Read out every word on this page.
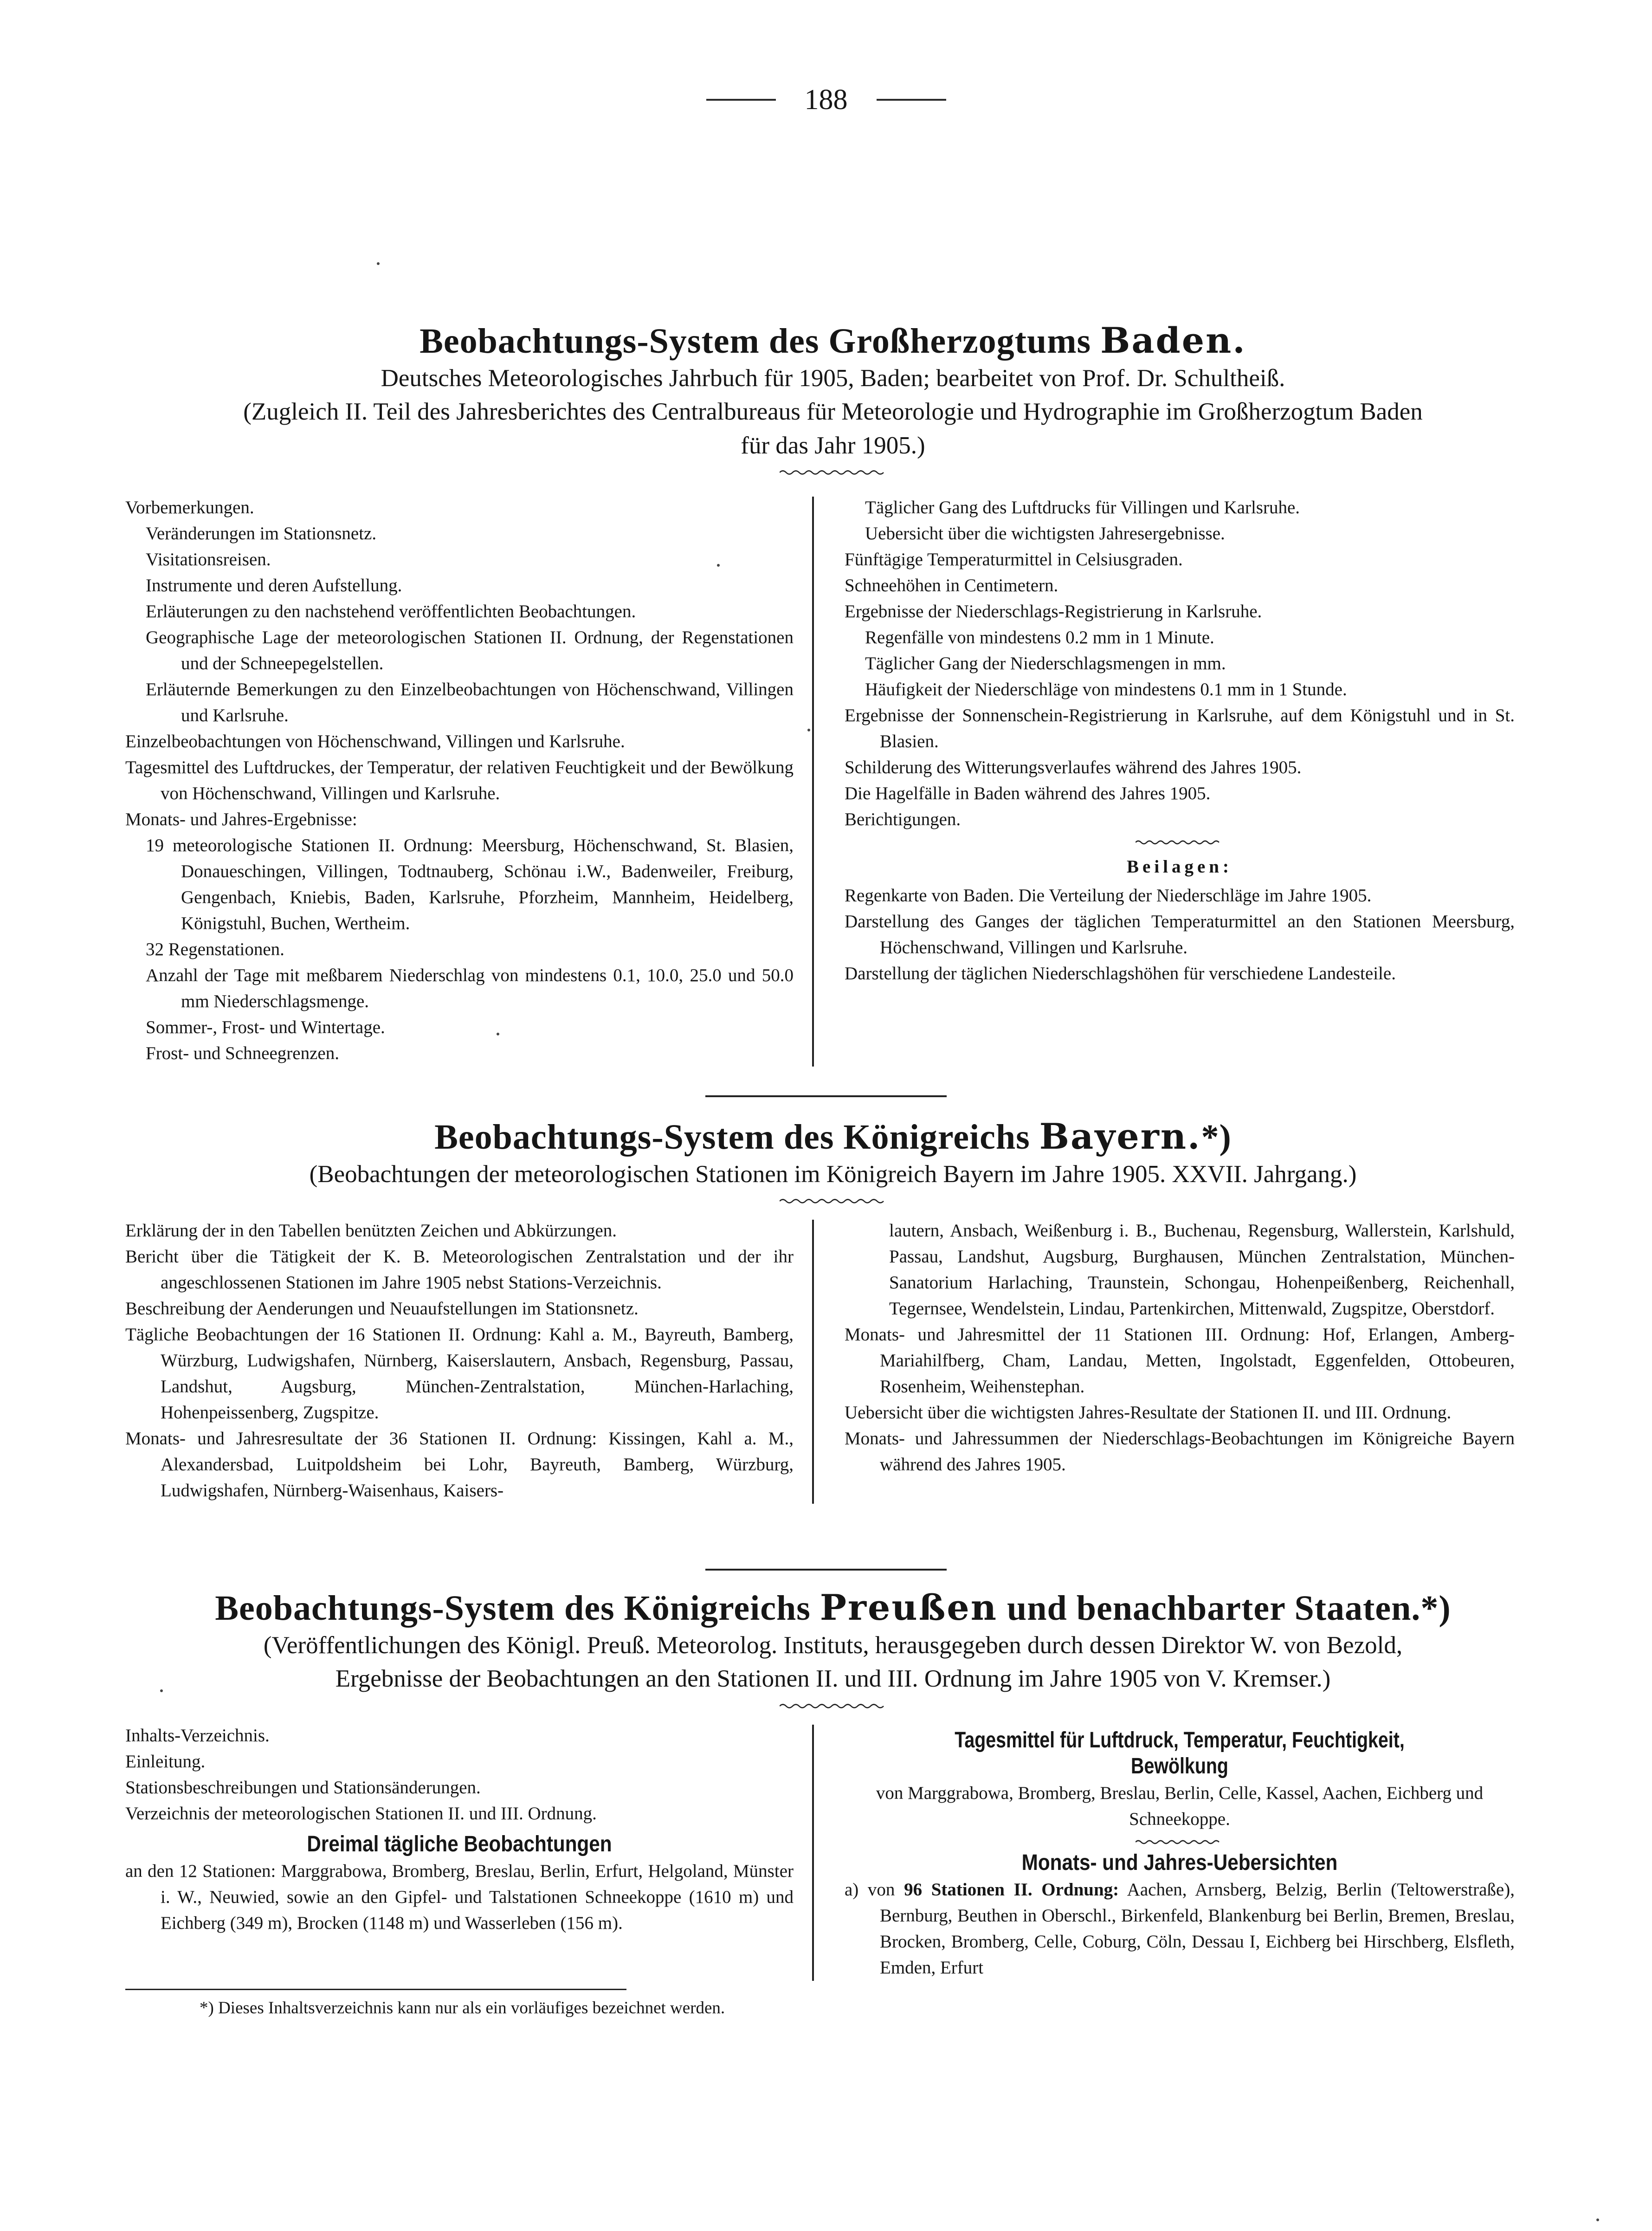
188
Beobachtungs-System des Großherzogtums Baden.

Deutsches Meteorologisches Jahrbuch für 1905, Baden; bearbeitet von Prof. Dr. Schultheiß.

(Zugleich II. Teil des Jahresberichtes des Centralbureaus für Meteorologie und Hydrographie im Großherzogtum Baden

für das Jahr 1905.)

Vorbemerkungen.

Veränderungen im Stationsnetz.

Visitationsreisen.

Instrumente und deren Aufstellung.

Erläuterungen zu den nachstehend veröffentlichten Beobachtungen.

Geographische Lage der meteorologischen Stationen II. Ordnung, der Regenstationen und der Schneepegelstellen.

Erläuternde Bemerkungen zu den Einzelbeobachtungen von Höchenschwand, Villingen und Karlsruhe.

Einzelbeobachtungen von Höchenschwand, Villingen und Karlsruhe.

Tagesmittel des Luftdruckes, der Temperatur, der relativen Feuchtigkeit und der Bewölkung von Höchenschwand, Villingen und Karlsruhe.

Monats- und Jahres-Ergebnisse:

19 meteorologische Stationen II. Ordnung: Meersburg, Höchenschwand, St. Blasien, Donaueschingen, Villingen, Todtnauberg, Schönau i.W., Badenweiler, Freiburg, Gengenbach, Kniebis, Baden, Karlsruhe, Pforzheim, Mannheim, Heidelberg, Königstuhl, Buchen, Wertheim.

32 Regenstationen.

Anzahl der Tage mit meßbarem Niederschlag von mindestens 0.1, 10.0, 25.0 und 50.0 mm Niederschlagsmenge.

Sommer-, Frost- und Wintertage.

Frost- und Schneegrenzen.

Täglicher Gang des Luftdrucks für Villingen und Karlsruhe.

Uebersicht über die wichtigsten Jahresergebnisse.

Fünftägige Temperaturmittel in Celsiusgraden.

Schneehöhen in Centimetern.

Ergebnisse der Niederschlags-Registrierung in Karlsruhe.

Regenfälle von mindestens 0.2 mm in 1 Minute.

Täglicher Gang der Niederschlagsmengen in mm.

Häufigkeit der Niederschläge von mindestens 0.1 mm in 1 Stunde.

Ergebnisse der Sonnenschein-Registrierung in Karlsruhe, auf dem Königstuhl und in St. Blasien.

Schilderung des Witterungsverlaufes während des Jahres 1905.

Die Hagelfälle in Baden während des Jahres 1905.

Berichtigungen.

Beilagen:

Regenkarte von Baden. Die Verteilung der Niederschläge im Jahre 1905.

Darstellung des Ganges der täglichen Temperaturmittel an den Stationen Meersburg, Höchenschwand, Villingen und Karlsruhe.

Darstellung der täglichen Niederschlagshöhen für verschiedene Landesteile.

Beobachtungs-System des Königreichs Bayern.*)

(Beobachtungen der meteorologischen Stationen im Königreich Bayern im Jahre 1905. XXVII. Jahrgang.)

Erklärung der in den Tabellen benützten Zeichen und Abkürzungen.

Bericht über die Tätigkeit der K. B. Meteorologischen Zentralstation und der ihr angeschlossenen Stationen im Jahre 1905 nebst Stations-Verzeichnis.

Beschreibung der Aenderungen und Neuaufstellungen im Stationsnetz.

Tägliche Beobachtungen der 16 Stationen II. Ordnung: Kahl a. M., Bayreuth, Bamberg, Würzburg, Ludwigshafen, Nürnberg, Kaiserslautern, Ansbach, Regensburg, Passau, Landshut, Augsburg, München-Zentralstation, München-Harlaching, Hohenpeissenberg, Zugspitze.

Monats- und Jahresresultate der 36 Stationen II. Ordnung: Kissingen, Kahl a. M., Alexandersbad, Luitpoldsheim bei Lohr, Bayreuth, Bamberg, Würzburg, Ludwigshafen, Nürnberg-Waisenhaus, Kaisers-

lautern, Ansbach, Weißenburg i. B., Buchenau, Regensburg, Wallerstein, Karlshuld, Passau, Landshut, Augsburg, Burghausen, München Zentralstation, München-Sanatorium Harlaching, Traunstein, Schongau, Hohenpeißenberg, Reichenhall, Tegernsee, Wendelstein, Lindau, Partenkirchen, Mittenwald, Zugspitze, Oberstdorf.

Monats- und Jahresmittel der 11 Stationen III. Ordnung: Hof, Erlangen, Amberg-Mariahilfberg, Cham, Landau, Metten, Ingolstadt, Eggenfelden, Ottobeuren, Rosenheim, Weihenstephan.

Uebersicht über die wichtigsten Jahres-Resultate der Stationen II. und III. Ordnung.

Monats- und Jahressummen der Niederschlags-Beobachtungen im Königreiche Bayern während des Jahres 1905.

Beobachtungs-System des Königreichs Preußen und benachbarter Staaten.*)

(Veröffentlichungen des Königl. Preuß. Meteorolog. Instituts, herausgegeben durch dessen Direktor W. von Bezold,

Ergebnisse der Beobachtungen an den Stationen II. und III. Ordnung im Jahre 1905 von V. Kremser.)

Inhalts-Verzeichnis.

Einleitung.

Stationsbeschreibungen und Stationsänderungen.

Verzeichnis der meteorologischen Stationen II. und III. Ordnung.

Dreimal tägliche Beobachtungen

an den 12 Stationen: Marggrabowa, Bromberg, Breslau, Berlin, Erfurt, Helgoland, Münster i. W., Neuwied, sowie an den Gipfel- und Talstationen Schneekoppe (1610 m) und Eichberg (349 m), Brocken (1148 m) und Wasserleben (156 m).

Tagesmittel für Luftdruck, Temperatur, Feuchtigkeit, Bewölkung

von Marggrabowa, Bromberg, Breslau, Berlin, Celle, Kassel, Aachen, Eichberg und Schneekoppe.

Monats- und Jahres-Uebersichten

a) von 96 Stationen II. Ordnung: Aachen, Arnsberg, Belzig, Berlin (Teltowerstraße), Bernburg, Beuthen in Oberschl., Birkenfeld, Blankenburg bei Berlin, Bremen, Breslau, Brocken, Bromberg, Celle, Coburg, Cöln, Dessau I, Eichberg bei Hirschberg, Elsfleth, Emden, Erfurt

*) Dieses Inhaltsverzeichnis kann nur als ein vorläufiges bezeichnet werden.
